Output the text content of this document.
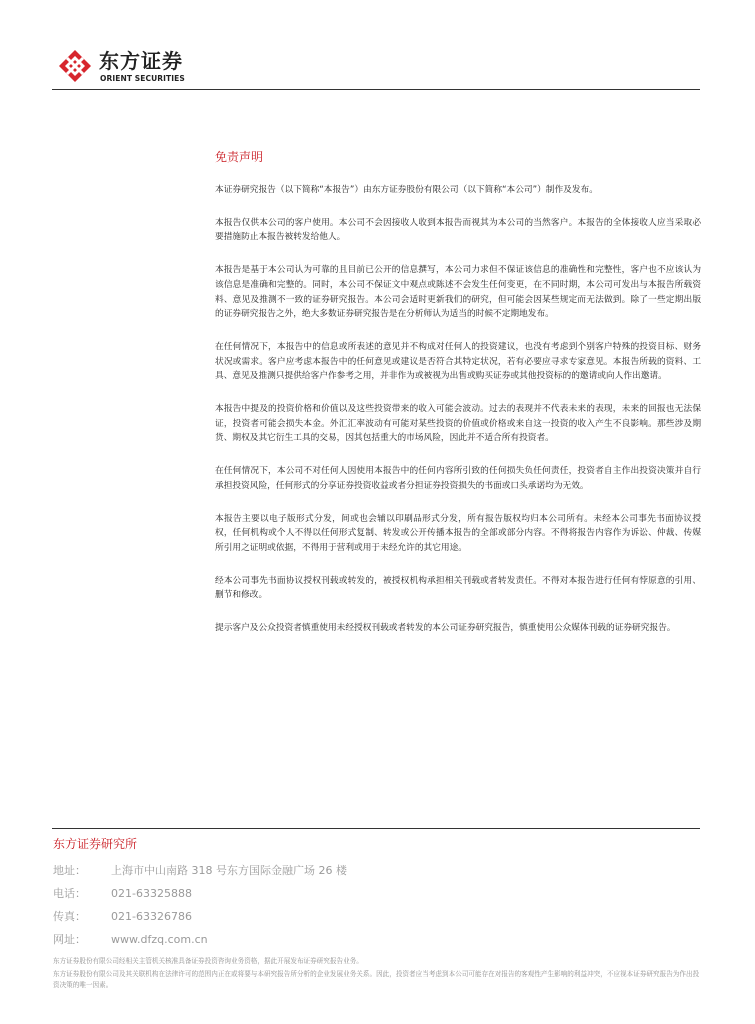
东方证券
ORIENT SECURITIES
免责声明

本证券研究报告（以下简称“本报告”）由东方证券股份有限公司（以下简称“本公司”）制作及发布。

本报告仅供本公司的客户使用。本公司不会因接收人收到本报告而视其为本公司的当然客户。本报告的全体接收人应当采取必要措施防止本报告被转发给他人。

本报告是基于本公司认为可靠的且目前已公开的信息撰写，本公司力求但不保证该信息的准确性和完整性，客户也不应该认为该信息是准确和完整的。同时，本公司不保证文中观点或陈述不会发生任何变更，在不同时期，本公司可发出与本报告所载资料、意见及推测不一致的证券研究报告。本公司会适时更新我们的研究，但可能会因某些规定而无法做到。除了一些定期出版的证券研究报告之外，绝大多数证券研究报告是在分析师认为适当的时候不定期地发布。

在任何情况下，本报告中的信息或所表述的意见并不构成对任何人的投资建议，也没有考虑到个别客户特殊的投资目标、财务状况或需求。客户应考虑本报告中的任何意见或建议是否符合其特定状况，若有必要应寻求专家意见。本报告所载的资料、工具、意见及推测只提供给客户作参考之用，并非作为或被视为出售或购买证券或其他投资标的的邀请或向人作出邀请。

本报告中提及的投资价格和价值以及这些投资带来的收入可能会波动。过去的表现并不代表未来的表现，未来的回报也无法保证，投资者可能会损失本金。外汇汇率波动有可能对某些投资的价值或价格或来自这一投资的收入产生不良影响。那些涉及期货、期权及其它衍生工具的交易，因其包括重大的市场风险，因此并不适合所有投资者。

在任何情况下，本公司不对任何人因使用本报告中的任何内容所引致的任何损失负任何责任，投资者自主作出投资决策并自行承担投资风险，任何形式的分享证券投资收益或者分担证券投资损失的书面或口头承诺均为无效。

本报告主要以电子版形式分发，间或也会辅以印刷品形式分发，所有报告版权均归本公司所有。未经本公司事先书面协议授权，任何机构或个人不得以任何形式复制、转发或公开传播本报告的全部或部分内容。不得将报告内容作为诉讼、仲裁、传媒所引用之证明或依据，不得用于营利或用于未经允许的其它用途。

经本公司事先书面协议授权刊载或转发的，被授权机构承担相关刊载或者转发责任。不得对本报告进行任何有悖原意的引用、删节和修改。

提示客户及公众投资者慎重使用未经授权刊载或者转发的本公司证券研究报告，慎重使用公众媒体刊载的证券研究报告。

东方证券研究所
地址： 上海市中山南路 318 号东方国际金融广场 26 楼
电话： 021-63325888
传真： 021-63326786
网址： www.dfzq.com.cn
东方证券股份有限公司经相关主管机关核准具备证券投资咨询业务资格，据此开展发布证券研究报告业务。
东方证券股份有限公司及其关联机构在法律许可的范围内正在或将要与本研究报告所分析的企业发展业务关系。因此，投资者应当考虑到本公司可能存在对报告的客观性产生影响的利益冲突，不应视本证券研究报告为作出投资决策的唯一因素。
